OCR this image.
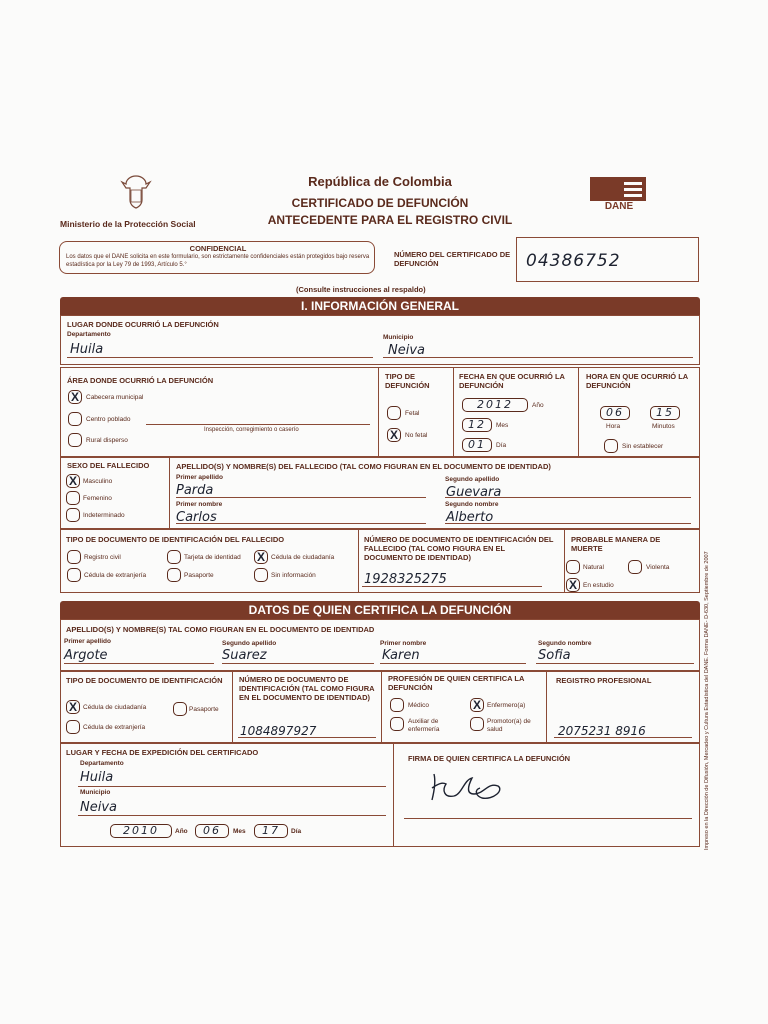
Ministerio de la Protección Social
República de Colombia
CERTIFICADO DE DEFUNCIÓN
ANTECEDENTE PARA EL REGISTRO CIVIL
DANE
CONFIDENCIAL
Los datos que el DANE solicita en este formulario, son estrictamente confidenciales están protegidos bajo reserva estadística por la Ley 79 de 1993, Artículo 5.°
NÚMERO DEL CERTIFICADO DE DEFUNCIÓN	04386752
(Consulte instrucciones al respaldo)
I. INFORMACIÓN GENERAL
LUGAR DONDE OCURRIÓ LA DEFUNCIÓN
Departamento
Huila
Municipio
Neiva
ÁREA DONDE OCURRIÓ LA DEFUNCIÓN
X	Cabecera municipal
Centro poblado
Inspección, corregimiento o caserío
Rural disperso
TIPO DE DEFUNCIÓN
Fetal
X	No fetal
FECHA EN QUE OCURRIÓ LA DEFUNCIÓN
2012	Año
12	Mes
01	Día
HORA EN QUE OCURRIÓ LA DEFUNCIÓN
06	15
Hora	Minutos
Sin establecer
SEXO DEL FALLECIDO
X Masculino
Femenino
Indeterminado
APELLIDO(S) Y NOMBRE(S) DEL FALLECIDO (TAL COMO FIGURAN EN EL DOCUMENTO DE IDENTIDAD)
Primer apellido
Parda
Segundo apellido
Guevara
Primer nombre
Carlos
Segundo nombre
Alberto
TIPO DE DOCUMENTO DE IDENTIFICACIÓN DEL FALLECIDO
Registro civil	Tarjeta de identidad X Cédula de ciudadanía
Cédula de extranjería	Pasaporte	Sin información
NÚMERO DE DOCUMENTO DE IDENTIFICACIÓN DEL FALLECIDO (TAL COMO FIGURA EN EL DOCUMENTO DE IDENTIDAD)
1928325275
PROBABLE MANERA DE MUERTE
Natural	Violenta
X En estudio
DATOS DE QUIEN CERTIFICA LA DEFUNCIÓN
APELLIDO(S) Y NOMBRE(S) TAL COMO FIGURAN EN EL DOCUMENTO DE IDENTIDAD
Primer apellido
Argote
Segundo apellido
Suarez
Primer nombre
Karen
Segundo nombre
Sofia
TIPO DE DOCUMENTO DE IDENTIFICACIÓN
X Cédula de ciudadanía	Pasaporte
Cédula de extranjería
NÚMERO DE DOCUMENTO DE IDENTIFICACIÓN (TAL COMO FIGURA EN EL DOCUMENTO DE IDENTIDAD)
1084897927
PROFESIÓN DE QUIEN CERTIFICA LA DEFUNCIÓN
Médico	X Enfermero(a)
Auxiliar de enfermería
Promotor(a) de salud
REGISTRO PROFESIONAL
2075231 8916
LUGAR Y FECHA DE EXPEDICIÓN DEL CERTIFICADO
Departamento
Huila
Municipio
Neiva
2010	Año	06	Mes	17	Día
FIRMA DE QUIEN CERTIFICA LA DEFUNCIÓN	Impreso en la Dirección de Difusión, Mercadeo y Cultura Estadística del DANE. Forma DANE- D-630, Septiembre de 2007
